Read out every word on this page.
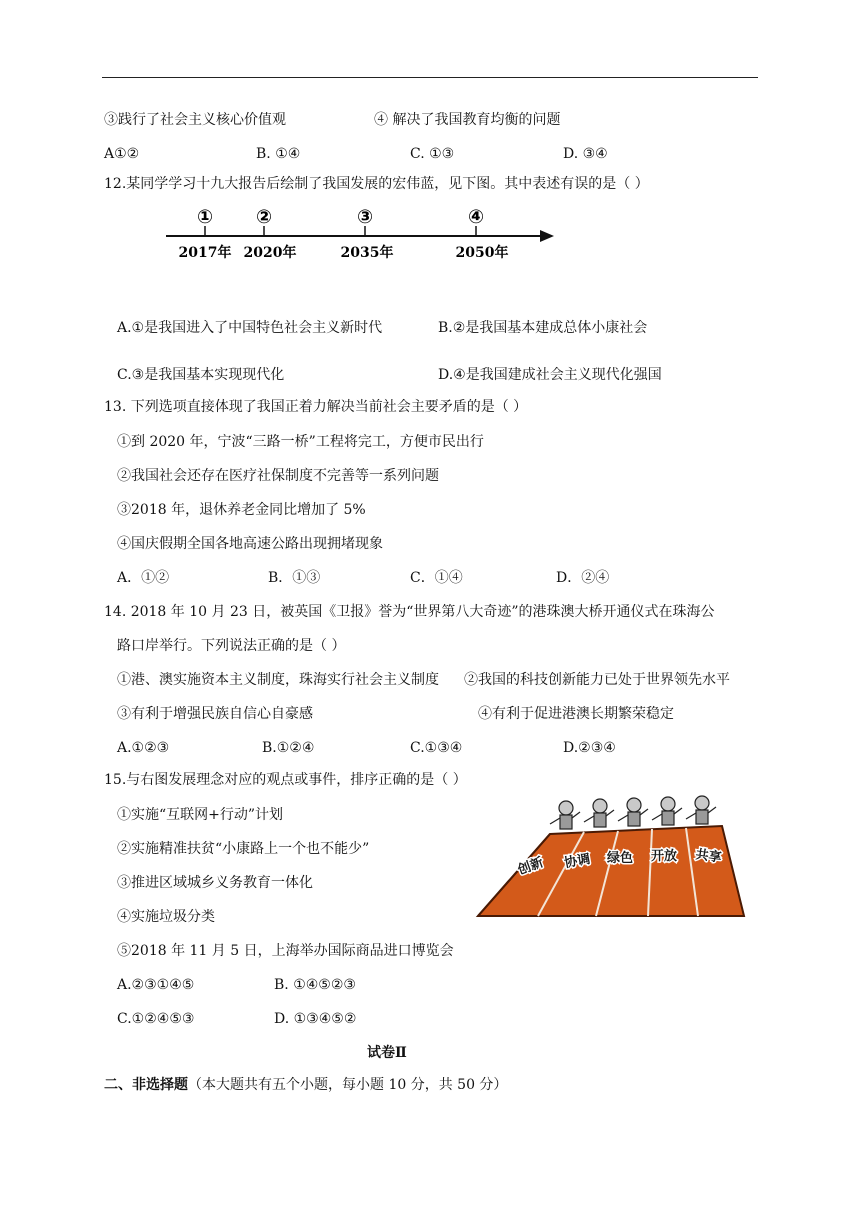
③践行了社会主义核心价值观	④ 解决了我国教育均衡的问题
A①②	B. ①④	C. ①③	D. ③④
12.某同学学习十九大报告后绘制了我国发展的宏伟蓝，见下图。其中表述有误的是（ ）
①
2017年
②
2020年
③
2035年
④
2050年
A.①是我国进入了中国特色社会主义新时代	B.②是我国基本建成总体小康社会
C.③是我国基本实现现代化	D.④是我国建成社会主义现代化强国
13. 下列选项直接体现了我国正着力解决当前社会主要矛盾的是（ ）
①到 2020 年，宁波“三路一桥”工程将完工，方便市民出行
②我国社会还存在医疗社保制度不完善等一系列问题
③2018 年，退休养老金同比增加了 5%
④国庆假期全国各地高速公路出现拥堵现象
A．①②	B．①③	C．①④	D．②④
14. 2018 年 10 月 23 日，被英国《卫报》誉为“世界第八大奇迹”的港珠澳大桥开通仪式在珠海公
路口岸举行。下列说法正确的是（ ）
①港、澳实施资本主义制度，珠海实行社会主义制度 ②我国的科技创新能力已处于世界领先水平
③有利于增强民族自信心自豪感	④有利于促进港澳长期繁荣稳定
A.①②③	B.①②④	C.①③④	D.②③④
15.与右图发展理念对应的观点或事件，排序正确的是（ ）
①实施“互联网+行动”计划
②实施精准扶贫“小康路上一个也不能少”
③推进区域城乡义务教育一体化
④实施垃圾分类
⑤2018 年 11 月 5 日，上海举办国际商品进口博览会
A.②③①④⑤	B. ①④⑤②③
C.①②④⑤③	D. ①③④⑤②
创新 协调 绿色 开放 共享
试卷Ⅱ
二、非选择题（本大题共有五个小题，每小题 10 分，共 50 分）
